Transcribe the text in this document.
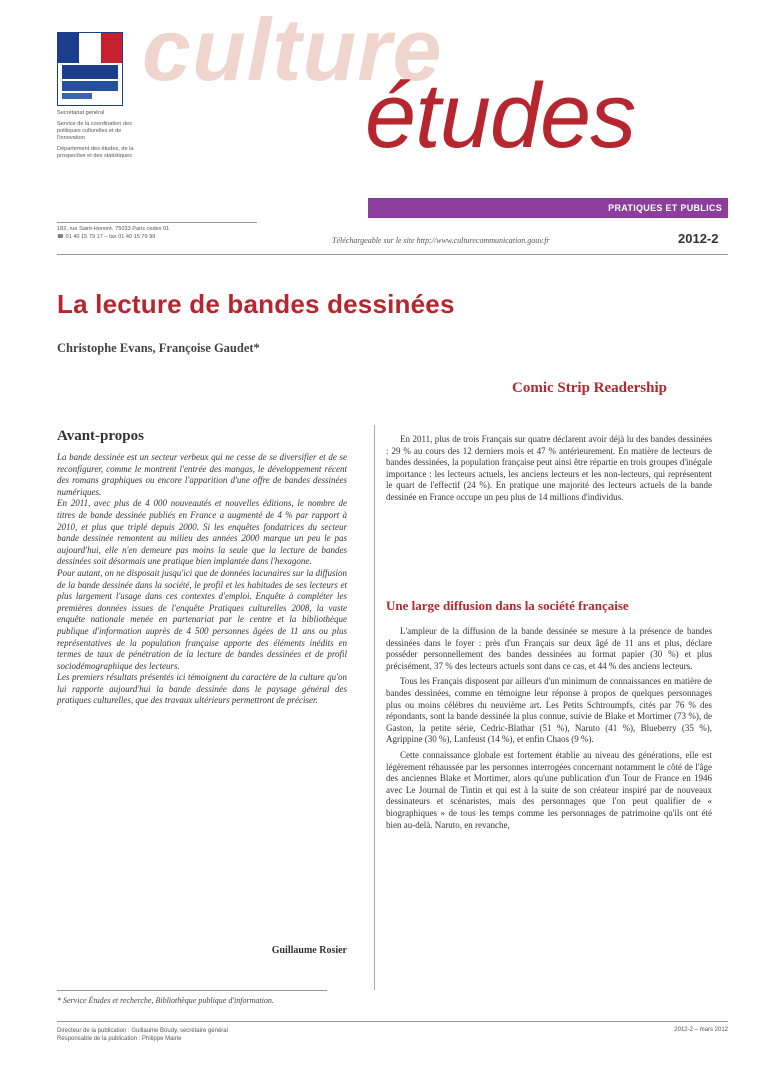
Secrétariat général

Service de la coordination des politiques culturelles et de l'innovation

Département des études, de la prospective et des statistiques

culture
études
PRATIQUES ET PUBLICS
182, rue Saint-Honoré, 75033 Paris cedex 01
☎ 01 40 15 79 17 – fax 01 40 15 79 99	Téléchargeable sur le site http://www.culturecommunication.gouv.fr	2012-2
La lecture de bandes dessinées
Christophe Evans, Françoise Gaudet*
Comic Strip Readership
Avant-propos

La bande dessinée est un secteur verbeux qui ne cesse de se diversifier et de se reconfigurer, comme le montrent l'entrée des mangas, le développement récent des romans graphiques ou encore l'apparition d'une offre de bandes dessinées numériques.

En 2011, avec plus de 4 000 nouveautés et nouvelles éditions, le nombre de titres de bande dessinée publiés en France a augmenté de 4 % par rapport à 2010, et plus que triplé depuis 2000. Si les enquêtes fondatrices du secteur bande dessinée remontent au milieu des années 2000 marque un peu le pas aujourd'hui, elle n'en demeure pas moins la seule que la lecture de bandes dessinées soit désormais une pratique bien implantée dans l'hexagone.

Pour autant, on ne disposait jusqu'ici que de données lacunaires sur la diffusion de la bande dessinée dans la société, le profil et les habitudes de ses lecteurs et plus largement l'usage dans ces contextes d'emploi. Enquête à compléter les premières données issues de l'enquête Pratiques culturelles 2008, la vaste enquête nationale menée en partenariat par le centre et la bibliothèque publique d'information auprès de 4 500 personnes âgées de 11 ans ou plus représentatives de la population française apporte des éléments inédits en termes de taux de pénétration de la lecture de bandes dessinées et de profil sociodémographique des lecteurs.

Les premiers résultats présentés ici témoignent du caractère de la culture qu'on lui rapporte aujourd'hui la bande dessinée dans le paysage général des pratiques culturelles, que des travaux ultérieurs permettront de préciser.

Guillaume Rosier

En 2011, plus de trois Français sur quatre déclarent avoir déjà lu des bandes dessinées : 29 % au cours des 12 derniers mois et 47 % antérieurement. En matière de lecteurs de bandes dessinées, la population française peut ainsi être répartie en trois groupes d'inégale importance : les lecteurs actuels, les anciens lecteurs et les non-lecteurs, qui représentent le quart de l'effectif (24 %). En pratique une majorité des lecteurs actuels de la bande dessinée en France occupe un peu plus de 14 millions d'individus.

Une large diffusion dans la société française

L'ampleur de la diffusion de la bande dessinée se mesure à la présence de bandes dessinées dans le foyer : près d'un Français sur deux âgé de 11 ans et plus, déclare posséder personnellement des bandes dessinées au format papier (30 %) et plus précisément, 37 % des lecteurs actuels sont dans ce cas, et 44 % des anciens lecteurs.

Tous les Français disposent par ailleurs d'un minimum de connaissances en matière de bandes dessinées, comme en témoigne leur réponse à propos de quelques personnages plus ou moins célèbres du neuvième art. Les Petits Schtroumpfs, cités par 76 % des répondants, sont la bande dessinée la plus connue, suivie de Blake et Mortimer (73 %), de Gaston, la petite série, Cedric-Blathar (51 %), Naruto (41 %), Blueberry (35 %), Agrippine (30 %), Lanfeust (14 %), et enfin Chaos (9 %).

Cette connaissance globale est fortement établie au niveau des générations, elle est légèrement réhaussée par les personnes interrogées concernant notamment le côté de l'âge des anciennes Blake et Mortimer, alors qu'une publication d'un Tour de France en 1946 avec Le Journal de Tintin et qui est à la suite de son créateur inspiré par de nouveaux dessinateurs et scénaristes, mais des personnages que l'on peut qualifier de « biographiques » de tous les temps comme les personnages de patrimoine qu'ils ont été bien au-delà. Naruto, en revanche,

* Service Études et recherche, Bibliothèque publique d'information.
Directeur de la publication : Guillaume Boudy, secrétaire général
Responsable de la publication : Philippe Mairie
2012-2 – mars 2012
